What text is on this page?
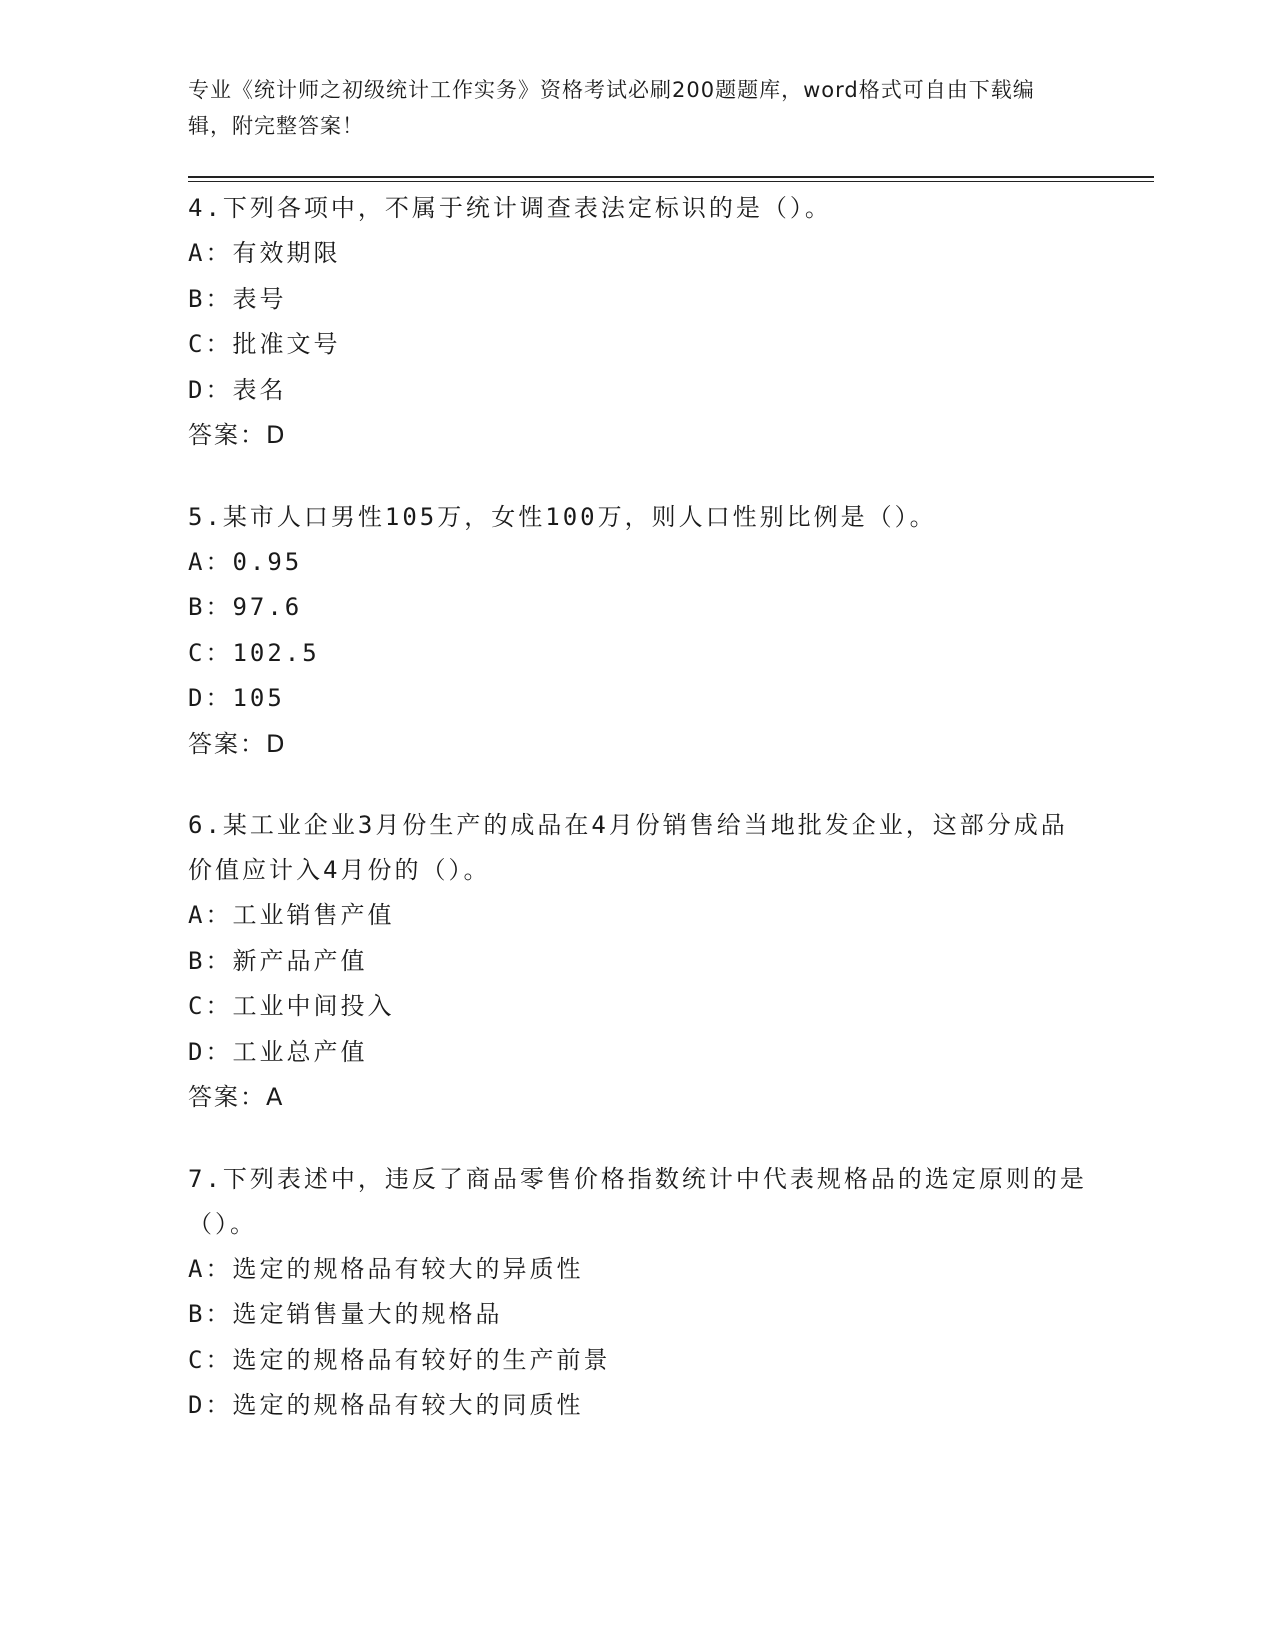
专业《统计师之初级统计工作实务》资格考试必刷200题题库，word格式可自由下载编辑，附完整答案！
4.下列各项中，不属于统计调查表法定标识的是（）。
A：有效期限
B：表号
C：批准文号
D：表名
答案：D
5.某市人口男性105万，女性100万，则人口性别比例是（）。
A：0.95
B：97.6
C：102.5
D：105
答案：D
6.某工业企业3月份生产的成品在4月份销售给当地批发企业，这部分成品价值应计入4月份的（）。
A：工业销售产值
B：新产品产值
C：工业中间投入
D：工业总产值
答案：A
7.下列表述中，违反了商品零售价格指数统计中代表规格品的选定原则的是（）。
A：选定的规格品有较大的异质性
B：选定销售量大的规格品
C：选定的规格品有较好的生产前景
D：选定的规格品有较大的同质性
